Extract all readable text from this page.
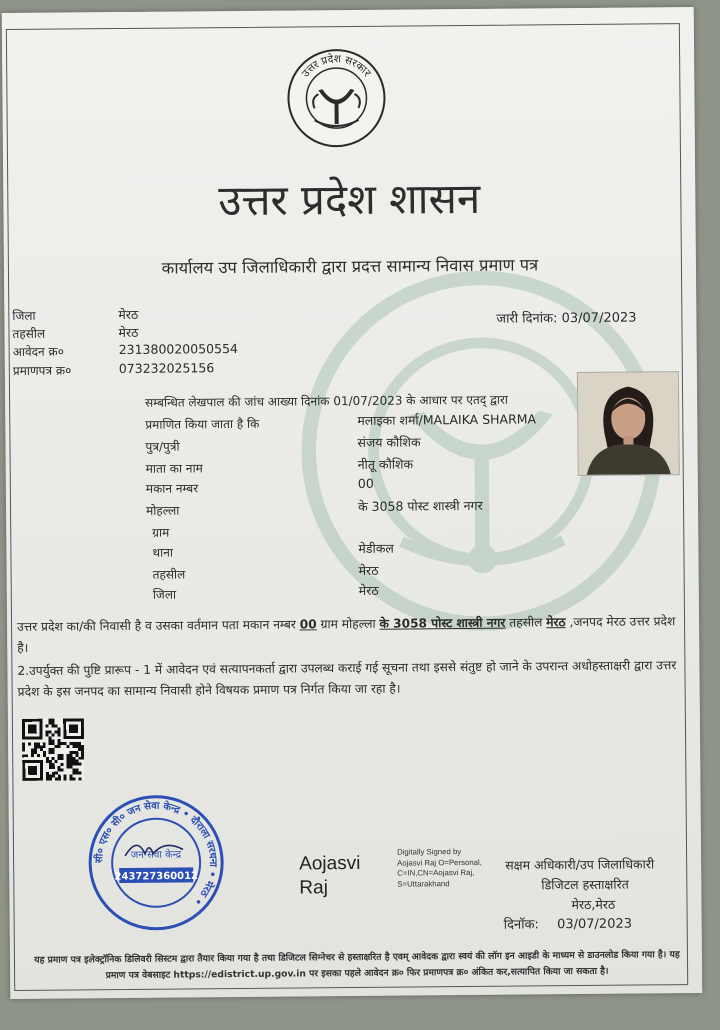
उत्तर प्रदेश सरकार
उत्तर प्रदेश शासन
कार्यालय उप जिलाधिकारी द्वारा प्रदत्त सामान्य निवास प्रमाण पत्र
जिला	मेरठ
तहसील	मेरठ
आवेदन क्र०	231380020050554
प्रमाणपत्र क्र०	073232025156
जारी दिनांक: 03/07/2023
सम्बन्धित लेखपाल की जांच आख्या दिनांक 01/07/2023 के आधार पर एतद् द्वारा
प्रमाणित किया जाता है कि	मलाइका शर्मा/MALAIKA SHARMA
पुत्र/पुत्री	संजय कौशिक
माता का नाम	नीतू कौशिक
मकान नम्बर	00
मोहल्ला	के 3058 पोस्ट शास्त्री नगर
ग्राम
थाना	मेडीकल
तहसील	मेरठ
जिला	मेरठ
उत्तर प्रदेश का/की निवासी है व उसका वर्तमान पता मकान नम्बर 00 ग्राम मोहल्ला के 3058 पोस्ट शास्त्री नगर तहसील मेरठ ,जनपद मेरठ उत्तर प्रदेश है।
2.उपर्युक्त की पुष्टि प्रारूप - 1 में आवेदन एवं सत्यापनकर्ता द्वारा उपलब्ध कराई गई सूचना तथा इससे संतुष्ट हो जाने के उपरान्त अधोहस्ताक्षरी द्वारा उत्तर प्रदेश के इस जनपद का सामान्य निवासी होने विषयक प्रमाण पत्र निर्गत किया जा रहा है।
सी० एस० सी० जन सेवा केन्द्र • दौराला सरधना • मेरठ •
जन सेवा केन्द्र
243727360012
Aojasvi
Raj
Digitally Signed by
Aojasvi Raj O=Personal,
C=IN,CN=Aojasvi Raj,
S=Uttarakhand
सक्षम अधिकारी/उप जिलाधिकारी
डिजिटल हस्ताक्षरित
मेरठ,मेरठ
दिनॉक: 03/07/2023
यह प्रमाण पत्र इलेक्ट्रॉनिक डिलिवरी सिस्टम द्वारा तैयार किया गया है तथा डिजिटल सिग्नेचर से हस्ताक्षरित है एवम् आवेदक द्वारा स्वयं की लॉग इन आइडी के माध्यम से डाउनलोड किया गया है। यह प्रमाण पत्र वेबसाइट https://edistrict.up.gov.in पर इसका पहले आवेदन क्र० फिर प्रमाणपत्र क्र० अंकित कर,सत्यापित किया जा सकता है।
